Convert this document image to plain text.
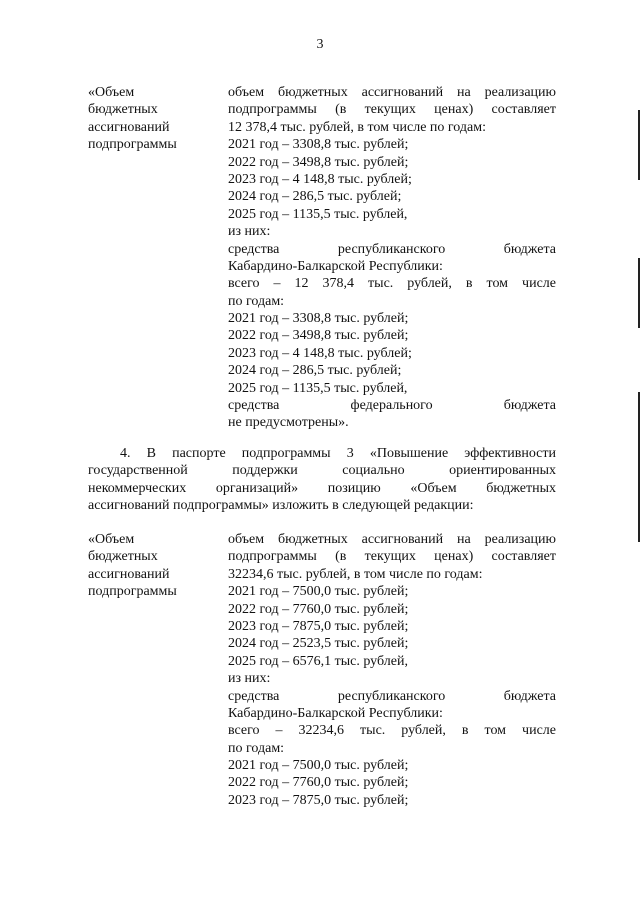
3
«Объем
бюджетных
ассигнований
подпрограммы
объем бюджетных ассигнований на реализацию
подпрограммы (в текущих ценах) составляет
12 378,4 тыс. рублей, в том числе по годам:
2021 год – 3308,8 тыс. рублей;
2022 год – 3498,8 тыс. рублей;
2023 год – 4 148,8 тыс. рублей;
2024 год – 286,5 тыс. рублей;
2025 год – 1135,5 тыс. рублей,
из них:
средства республиканского бюджета
Кабардино-Балкарской Республики:
всего – 12 378,4 тыс. рублей, в том числе
по годам:
2021 год – 3308,8 тыс. рублей;
2022 год – 3498,8 тыс. рублей;
2023 год – 4 148,8 тыс. рублей;
2024 год – 286,5 тыс. рублей;
2025 год – 1135,5 тыс. рублей,
средства федерального бюджета
не предусмотрены».
4. В паспорте подпрограммы 3 «Повышение эффективности
государственной поддержки социально ориентированных
некоммерческих организаций» позицию «Объем бюджетных
ассигнований подпрограммы» изложить в следующей редакции:
«Объем
бюджетных
ассигнований
подпрограммы
объем бюджетных ассигнований на реализацию
подпрограммы (в текущих ценах) составляет
32234,6 тыс. рублей, в том числе по годам:
2021 год – 7500,0 тыс. рублей;
2022 год – 7760,0 тыс. рублей;
2023 год – 7875,0 тыс. рублей;
2024 год – 2523,5 тыс. рублей;
2025 год – 6576,1 тыс. рублей,
из них:
средства республиканского бюджета
Кабардино-Балкарской Республики:
всего – 32234,6 тыс. рублей, в том числе
по годам:
2021 год – 7500,0 тыс. рублей;
2022 год – 7760,0 тыс. рублей;
2023 год – 7875,0 тыс. рублей;
